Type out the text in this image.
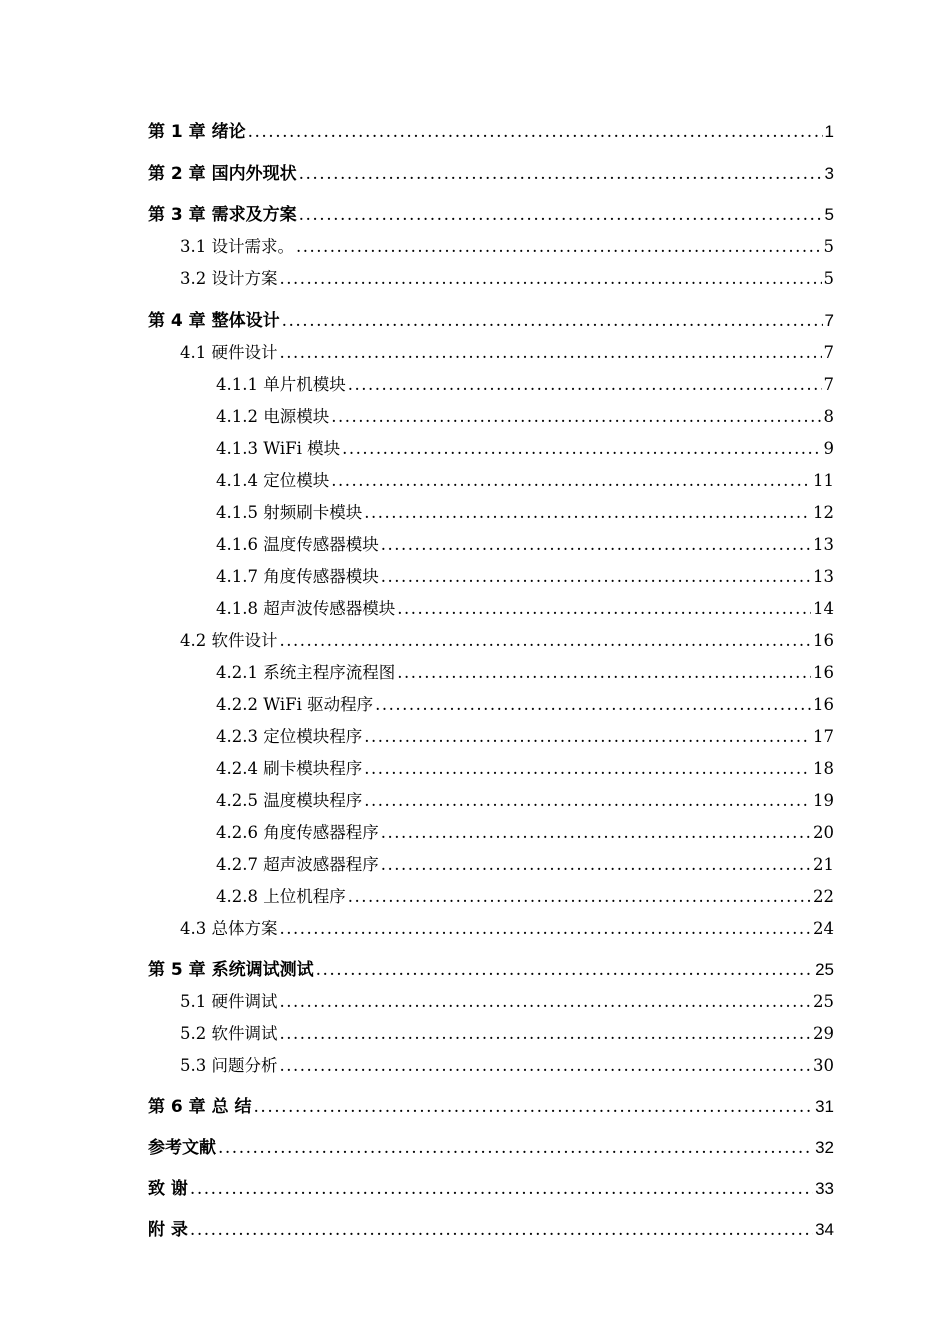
第 1 章 绪论 .....	1
第 2 章 国内外现状 .....	3
第 3 章 需求及方案 .....	5
3.1 设计需求。 .....	5
3.2 设计方案 .....	5
第 4 章 整体设计 .....	7
4.1 硬件设计 .....	7
4.1.1 单片机模块 .....	7
4.1.2 电源模块 .....	8
4.1.3 WiFi 模块 .....	9
4.1.4 定位模块 .....	11
4.1.5 射频刷卡模块 .....	12
4.1.6 温度传感器模块 .....	13
4.1.7 角度传感器模块 .....	13
4.1.8 超声波传感器模块 .....	14
4.2 软件设计 .....	16
4.2.1 系统主程序流程图 .....	16
4.2.2 WiFi 驱动程序 .....	16
4.2.3 定位模块程序 .....	17
4.2.4 刷卡模块程序 .....	18
4.2.5 温度模块程序 .....	19
4.2.6 角度传感器程序 .....	20
4.2.7 超声波感器程序 .....	21
4.2.8 上位机程序 .....	22
4.3 总体方案 .....	24
第 5 章 系统调试测试 .....	25
5.1 硬件调试 .....	25
5.2 软件调试 .....	29
5.3 问题分析 .....	30
第 6 章 总 结 .....	31
参考文献 .....	32
致 谢 .....	33
附 录 .....	34
